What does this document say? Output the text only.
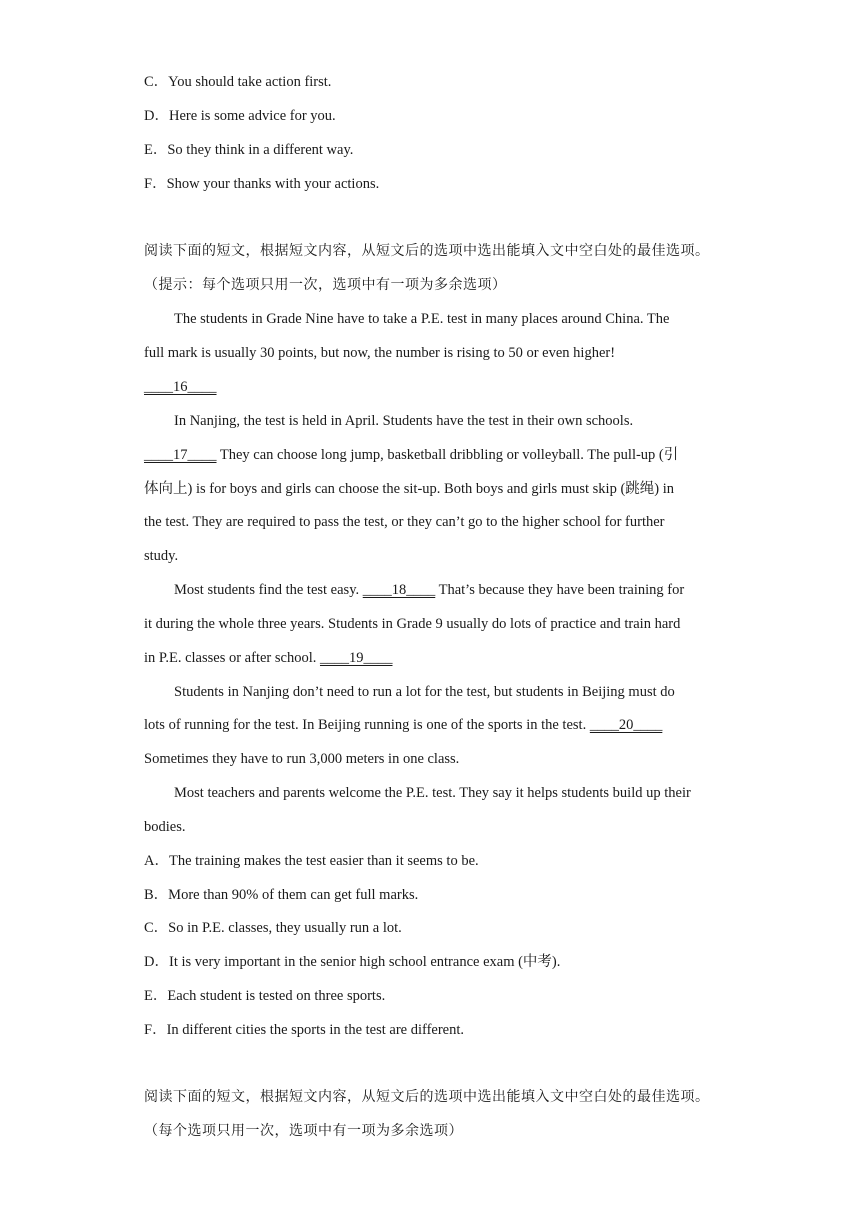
C．You should take action first.
D．Here is some advice for you.
E．So they think in a different way.
F．Show your thanks with your actions.
阅读下面的短文，根据短文内容，从短文后的选项中选出能填入文中空白处的最佳选项。
（提示：每个选项只用一次，选项中有一项为多余选项）
The students in Grade Nine have to take a P.E. test in many places around China. The
full mark is usually 30 points, but now, the number is rising to 50 or even higher!
____16____
In Nanjing, the test is held in April. Students have the test in their own schools.
____17____ They can choose long jump, basketball dribbling or volleyball. The pull-up (引
体向上) is for boys and girls can choose the sit-up. Both boys and girls must skip (跳绳) in
the test. They are required to pass the test, or they can’t go to the higher school for further
study.
Most students find the test easy. ____18____ That’s because they have been training for
it during the whole three years. Students in Grade 9 usually do lots of practice and train hard
in P.E. classes or after school. ____19____
Students in Nanjing don’t need to run a lot for the test, but students in Beijing must do
lots of running for the test. In Beijing running is one of the sports in the test. ____20____
Sometimes they have to run 3,000 meters in one class.
Most teachers and parents welcome the P.E. test. They say it helps students build up their
bodies.
A．The training makes the test easier than it seems to be.
B．More than 90% of them can get full marks.
C．So in P.E. classes, they usually run a lot.
D．It is very important in the senior high school entrance exam (中考).
E．Each student is tested on three sports.
F．In different cities the sports in the test are different.
阅读下面的短文，根据短文内容，从短文后的选项中选出能填入文中空白处的最佳选项。
（每个选项只用一次，选项中有一项为多余选项）
